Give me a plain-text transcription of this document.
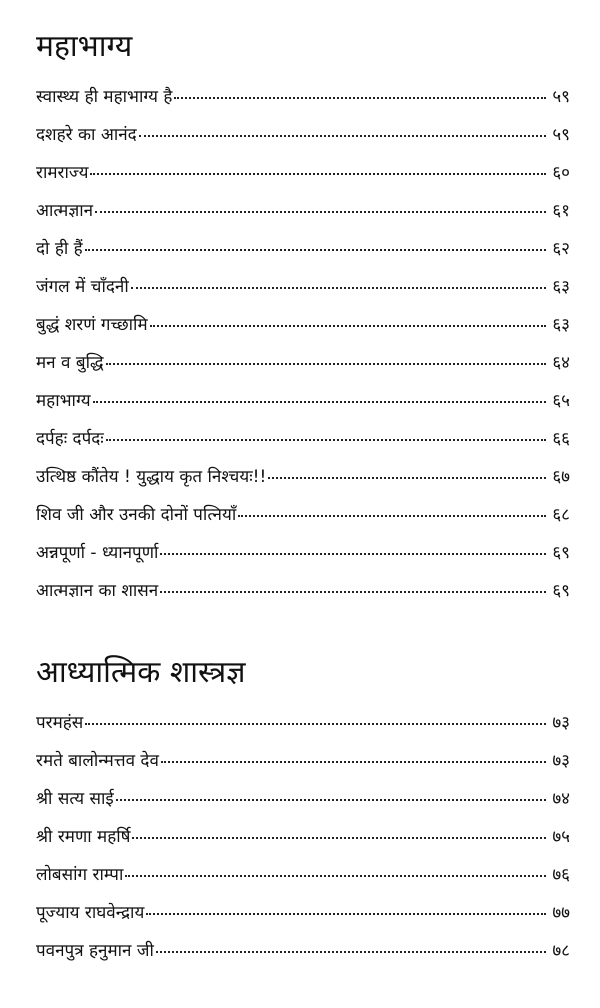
महाभाग्य
स्वास्थ्य ही महाभाग्य है	५९
दशहरे का आनंद	५९
रामराज्य	६०
आत्मज्ञान	६१
दो ही हैं	६२
जंगल में चाँदनी	६३
बुद्धं शरणं गच्छामि	६३
मन व बुद्धि	६४
महाभाग्य	६५
दर्पहः दर्पदः	६६
उत्थिष्ठ कौंतेय ! युद्धाय कृत निश्चयः!!	६७
शिव जी और उनकी दोनों पत्नियाँ	६८
अन्नपूर्णा - ध्यानपूर्णा	६९
आत्मज्ञान का शासन	६९
आध्यात्मिक शास्त्रज्ञ
परमहंस	७३
रमते बालोन्मत्तव देव	७३
श्री सत्य साई	७४
श्री रमणा महर्षि	७५
लोबसांग राम्पा	७६
पूज्याय राघवेन्द्राय	७७
पवनपुत्र हनुमान जी	७८
